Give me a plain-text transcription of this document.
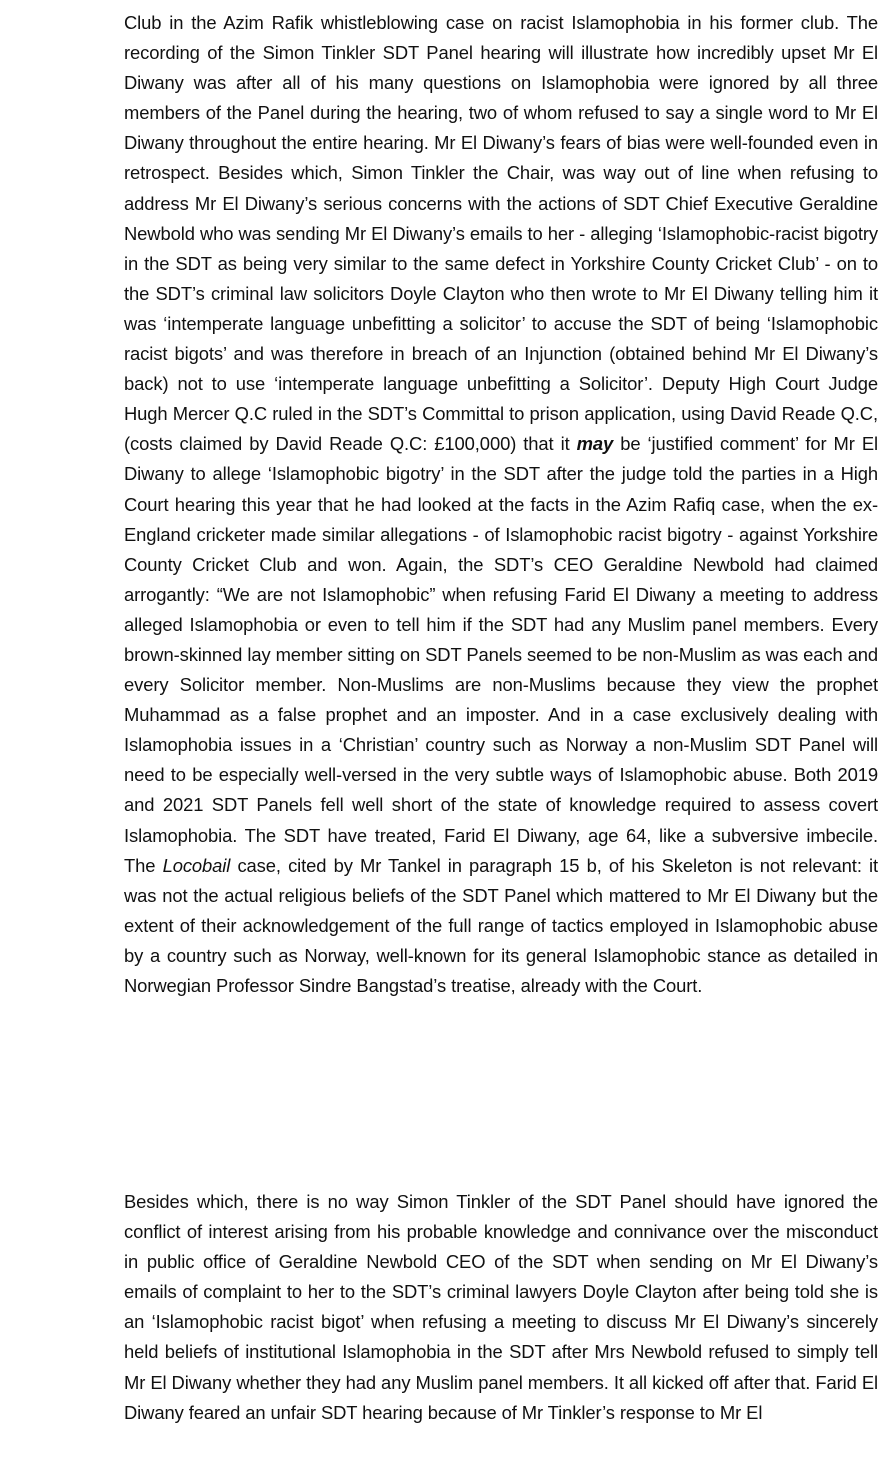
Club in the Azim Rafik whistleblowing case on racist Islamophobia in his former club. The recording of the Simon Tinkler SDT Panel hearing will illustrate how incredibly upset Mr El Diwany was after all of his many questions on Islamophobia were ignored by all three members of the Panel during the hearing, two of whom refused to say a single word to Mr El Diwany throughout the entire hearing. Mr El Diwany’s fears of bias were well-founded even in retrospect. Besides which, Simon Tinkler the Chair, was way out of line when refusing to address Mr El Diwany’s serious concerns with the actions of SDT Chief Executive Geraldine Newbold who was sending Mr El Diwany’s emails to her - alleging ‘Islamophobic-racist bigotry in the SDT as being very similar to the same defect in Yorkshire County Cricket Club’ - on to the SDT’s criminal law solicitors Doyle Clayton who then wrote to Mr El Diwany telling him it was ‘intemperate language unbefitting a solicitor’ to accuse the SDT of being ‘Islamophobic racist bigots’ and was therefore in breach of an Injunction (obtained behind Mr El Diwany’s back) not to use ‘intemperate language unbefitting a Solicitor’. Deputy High Court Judge Hugh Mercer Q.C ruled in the SDT’s Committal to prison application, using David Reade Q.C, (costs claimed by David Reade Q.C: £100,000) that it may be ‘justified comment’ for Mr El Diwany to allege ‘Islamophobic bigotry’ in the SDT after the judge told the parties in a High Court hearing this year that he had looked at the facts in the Azim Rafiq case, when the ex-England cricketer made similar allegations - of Islamophobic racist bigotry - against Yorkshire County Cricket Club and won. Again, the SDT’s CEO Geraldine Newbold had claimed arrogantly: “We are not Islamophobic” when refusing Farid El Diwany a meeting to address alleged Islamophobia or even to tell him if the SDT had any Muslim panel members. Every brown-skinned lay member sitting on SDT Panels seemed to be non-Muslim as was each and every Solicitor member. Non-Muslims are non-Muslims because they view the prophet Muhammad as a false prophet and an imposter. And in a case exclusively dealing with Islamophobia issues in a ‘Christian’ country such as Norway a non-Muslim SDT Panel will need to be especially well-versed in the very subtle ways of Islamophobic abuse. Both 2019 and 2021 SDT Panels fell well short of the state of knowledge required to assess covert Islamophobia. The SDT have treated, Farid El Diwany, age 64, like a subversive imbecile. The Locobail case, cited by Mr Tankel in paragraph 15 b, of his Skeleton is not relevant: it was not the actual religious beliefs of the SDT Panel which mattered to Mr El Diwany but the extent of their acknowledgement of the full range of tactics employed in Islamophobic abuse by a country such as Norway, well-known for its general Islamophobic stance as detailed in Norwegian Professor Sindre Bangstad’s treatise, already with the Court.

Besides which, there is no way Simon Tinkler of the SDT Panel should have ignored the conflict of interest arising from his probable knowledge and connivance over the misconduct in public office of Geraldine Newbold CEO of the SDT when sending on Mr El Diwany’s emails of complaint to her to the SDT’s criminal lawyers Doyle Clayton after being told she is an ‘Islamophobic racist bigot’ when refusing a meeting to discuss Mr El Diwany’s sincerely held beliefs of institutional Islamophobia in the SDT after Mrs Newbold refused to simply tell Mr El Diwany whether they had any Muslim panel members. It all kicked off after that. Farid El Diwany feared an unfair SDT hearing because of Mr Tinkler’s response to Mr El
